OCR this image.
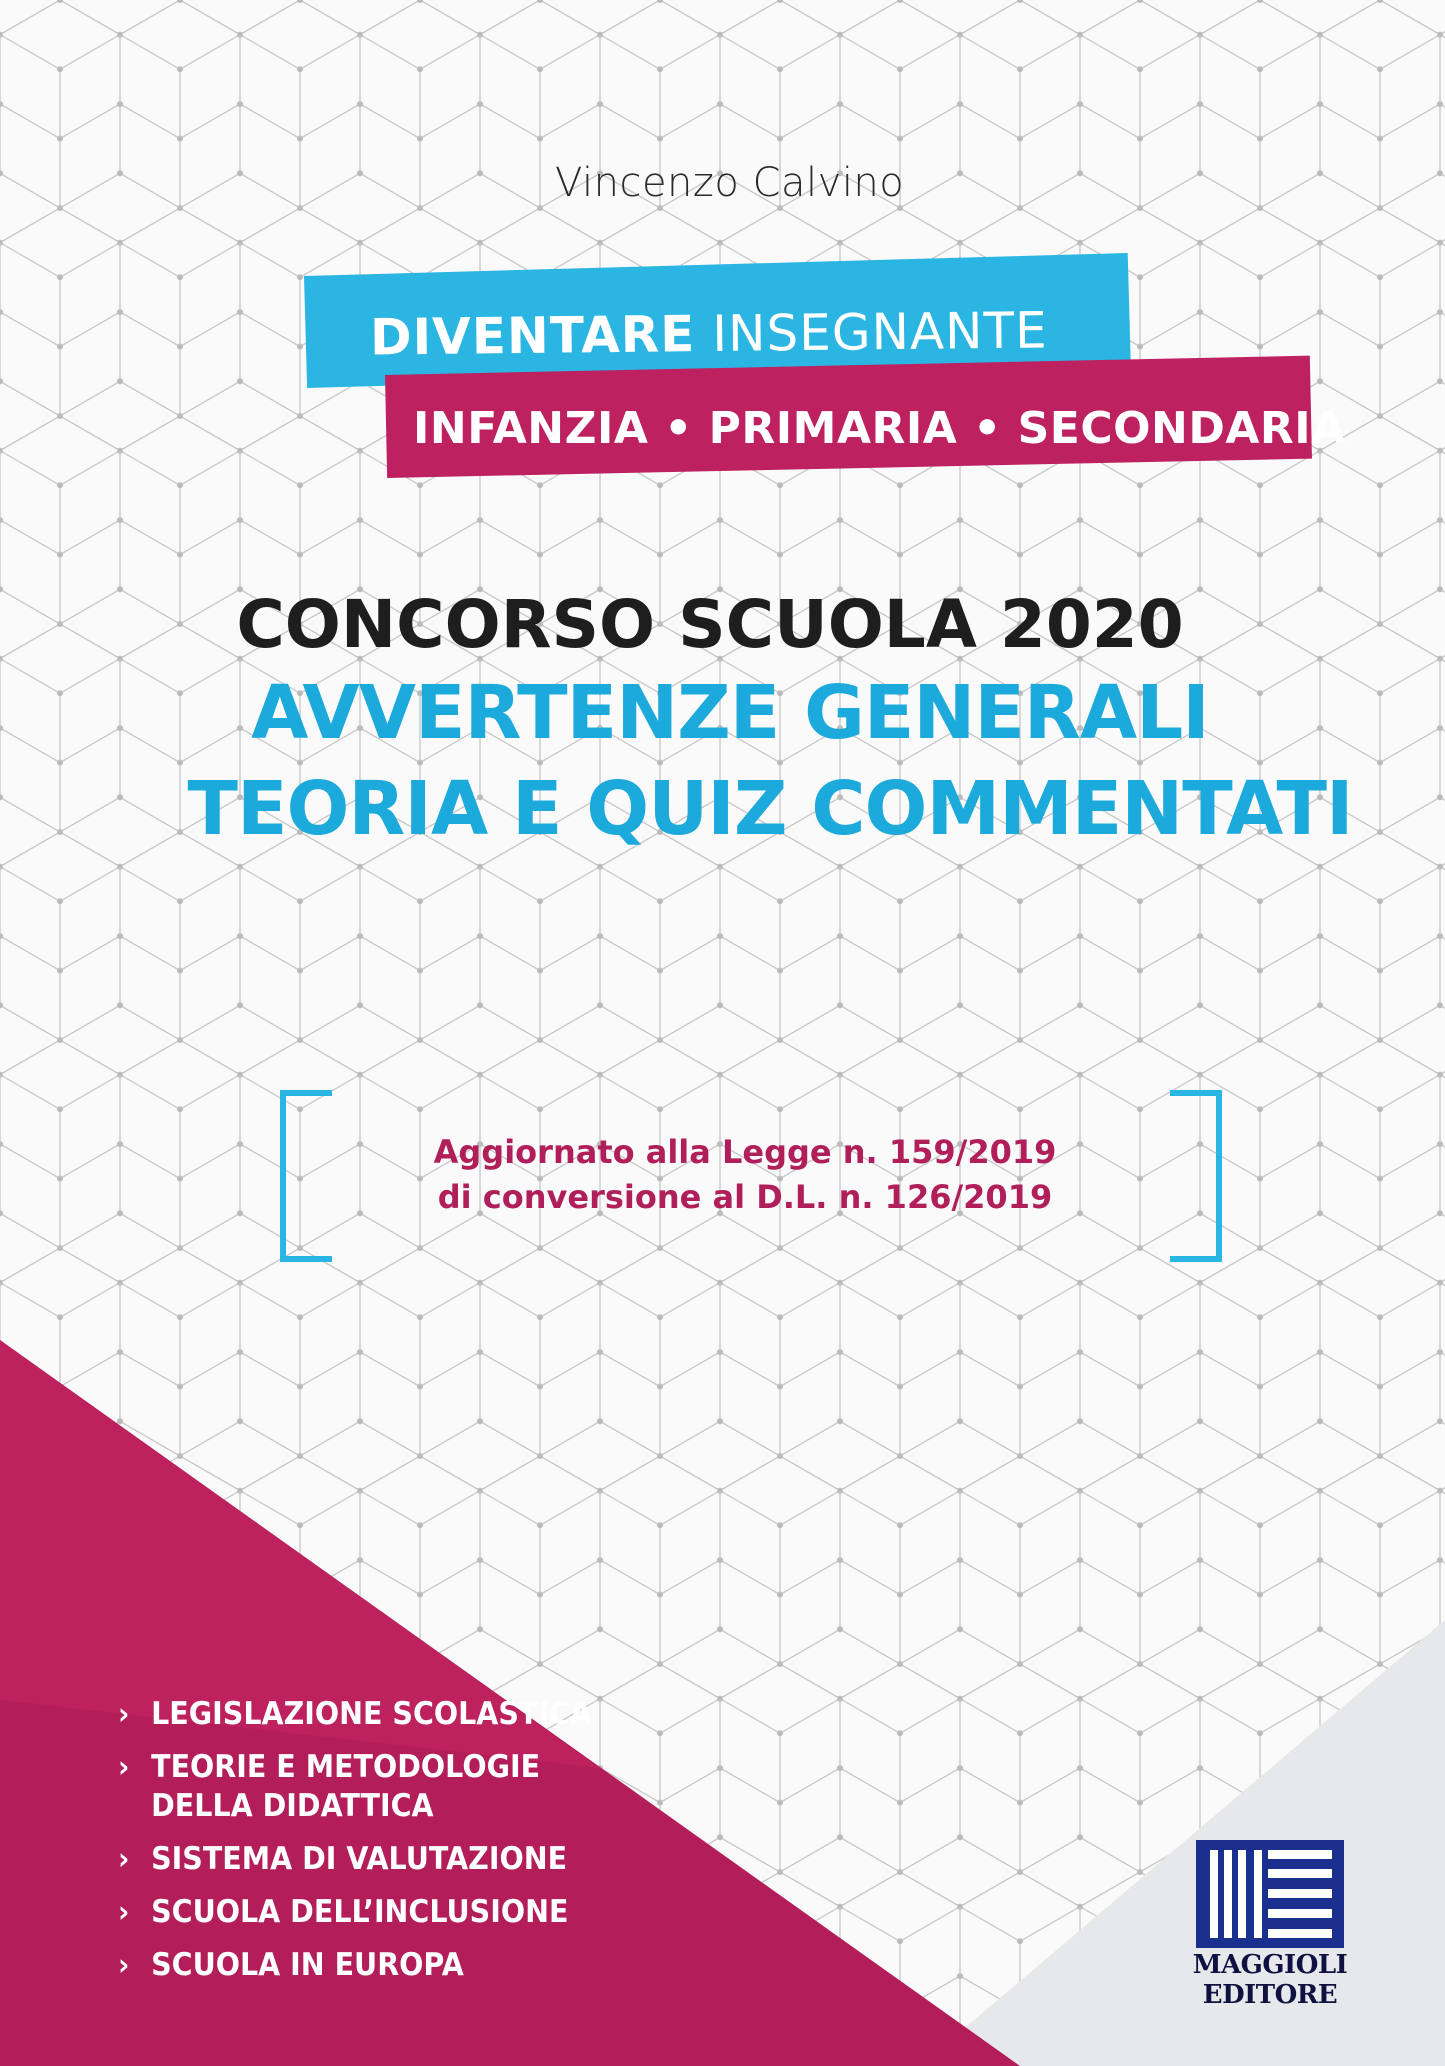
Vincenzo Calvino
DIVENTARE INSEGNANTE
INFANZIA • PRIMARIA • SECONDARIA
CONCORSO SCUOLA 2020
AVVERTENZE GENERALI
TEORIA E QUIZ COMMENTATI
Aggiornato alla Legge n. 159/2019
di conversione al D.L. n. 126/2019
› LEGISLAZIONE SCOLASTICA
› TEORIE E METODOLOGIE
DELLA DIDATTICA
› SISTEMA DI VALUTAZIONE
› SCUOLA DELL’INCLUSIONE
› SCUOLA IN EUROPA	MAGGIOLI
EDITORE
